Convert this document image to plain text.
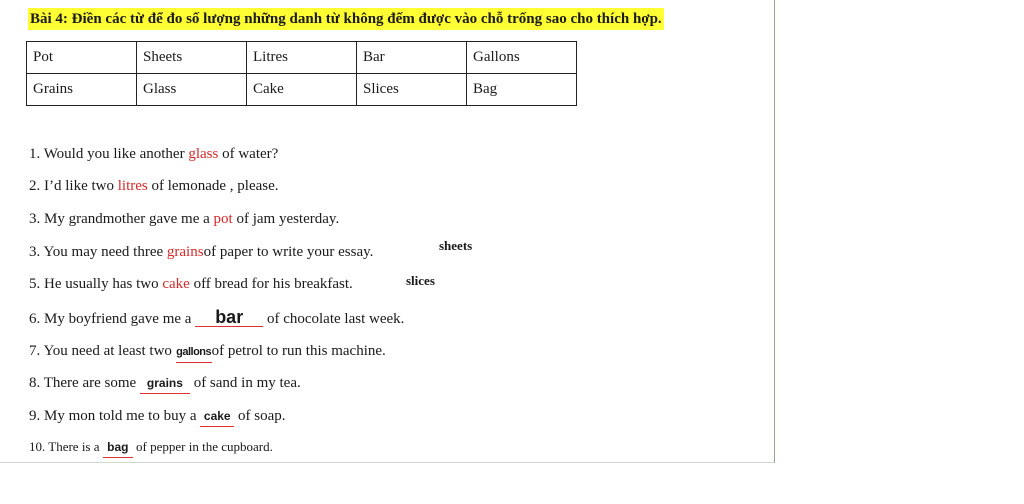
Bài 4: Điền các từ để đo số lượng những danh từ không đếm được vào chỗ trống sao cho thích hợp.
Pot	Sheets	Litres	Bar	Gallons
Grains	Glass	Cake	Slices	Bag
1. Would you like another glass of water?
2. I’d like two litres of lemonade , please.
3. My grandmother gave me a pot of jam yesterday.
3. You may need three grainsof paper to write your essay.	sheets
5. He usually has two cake off bread for his breakfast.	slices
6. My boyfriend gave me a bar of chocolate last week.
7. You need at least two gallonsof petrol to run this machine.
8. There are some grains of sand in my tea.
9. My mon told me to buy a cake of soap.
10. There is a bag of pepper in the cupboard.
